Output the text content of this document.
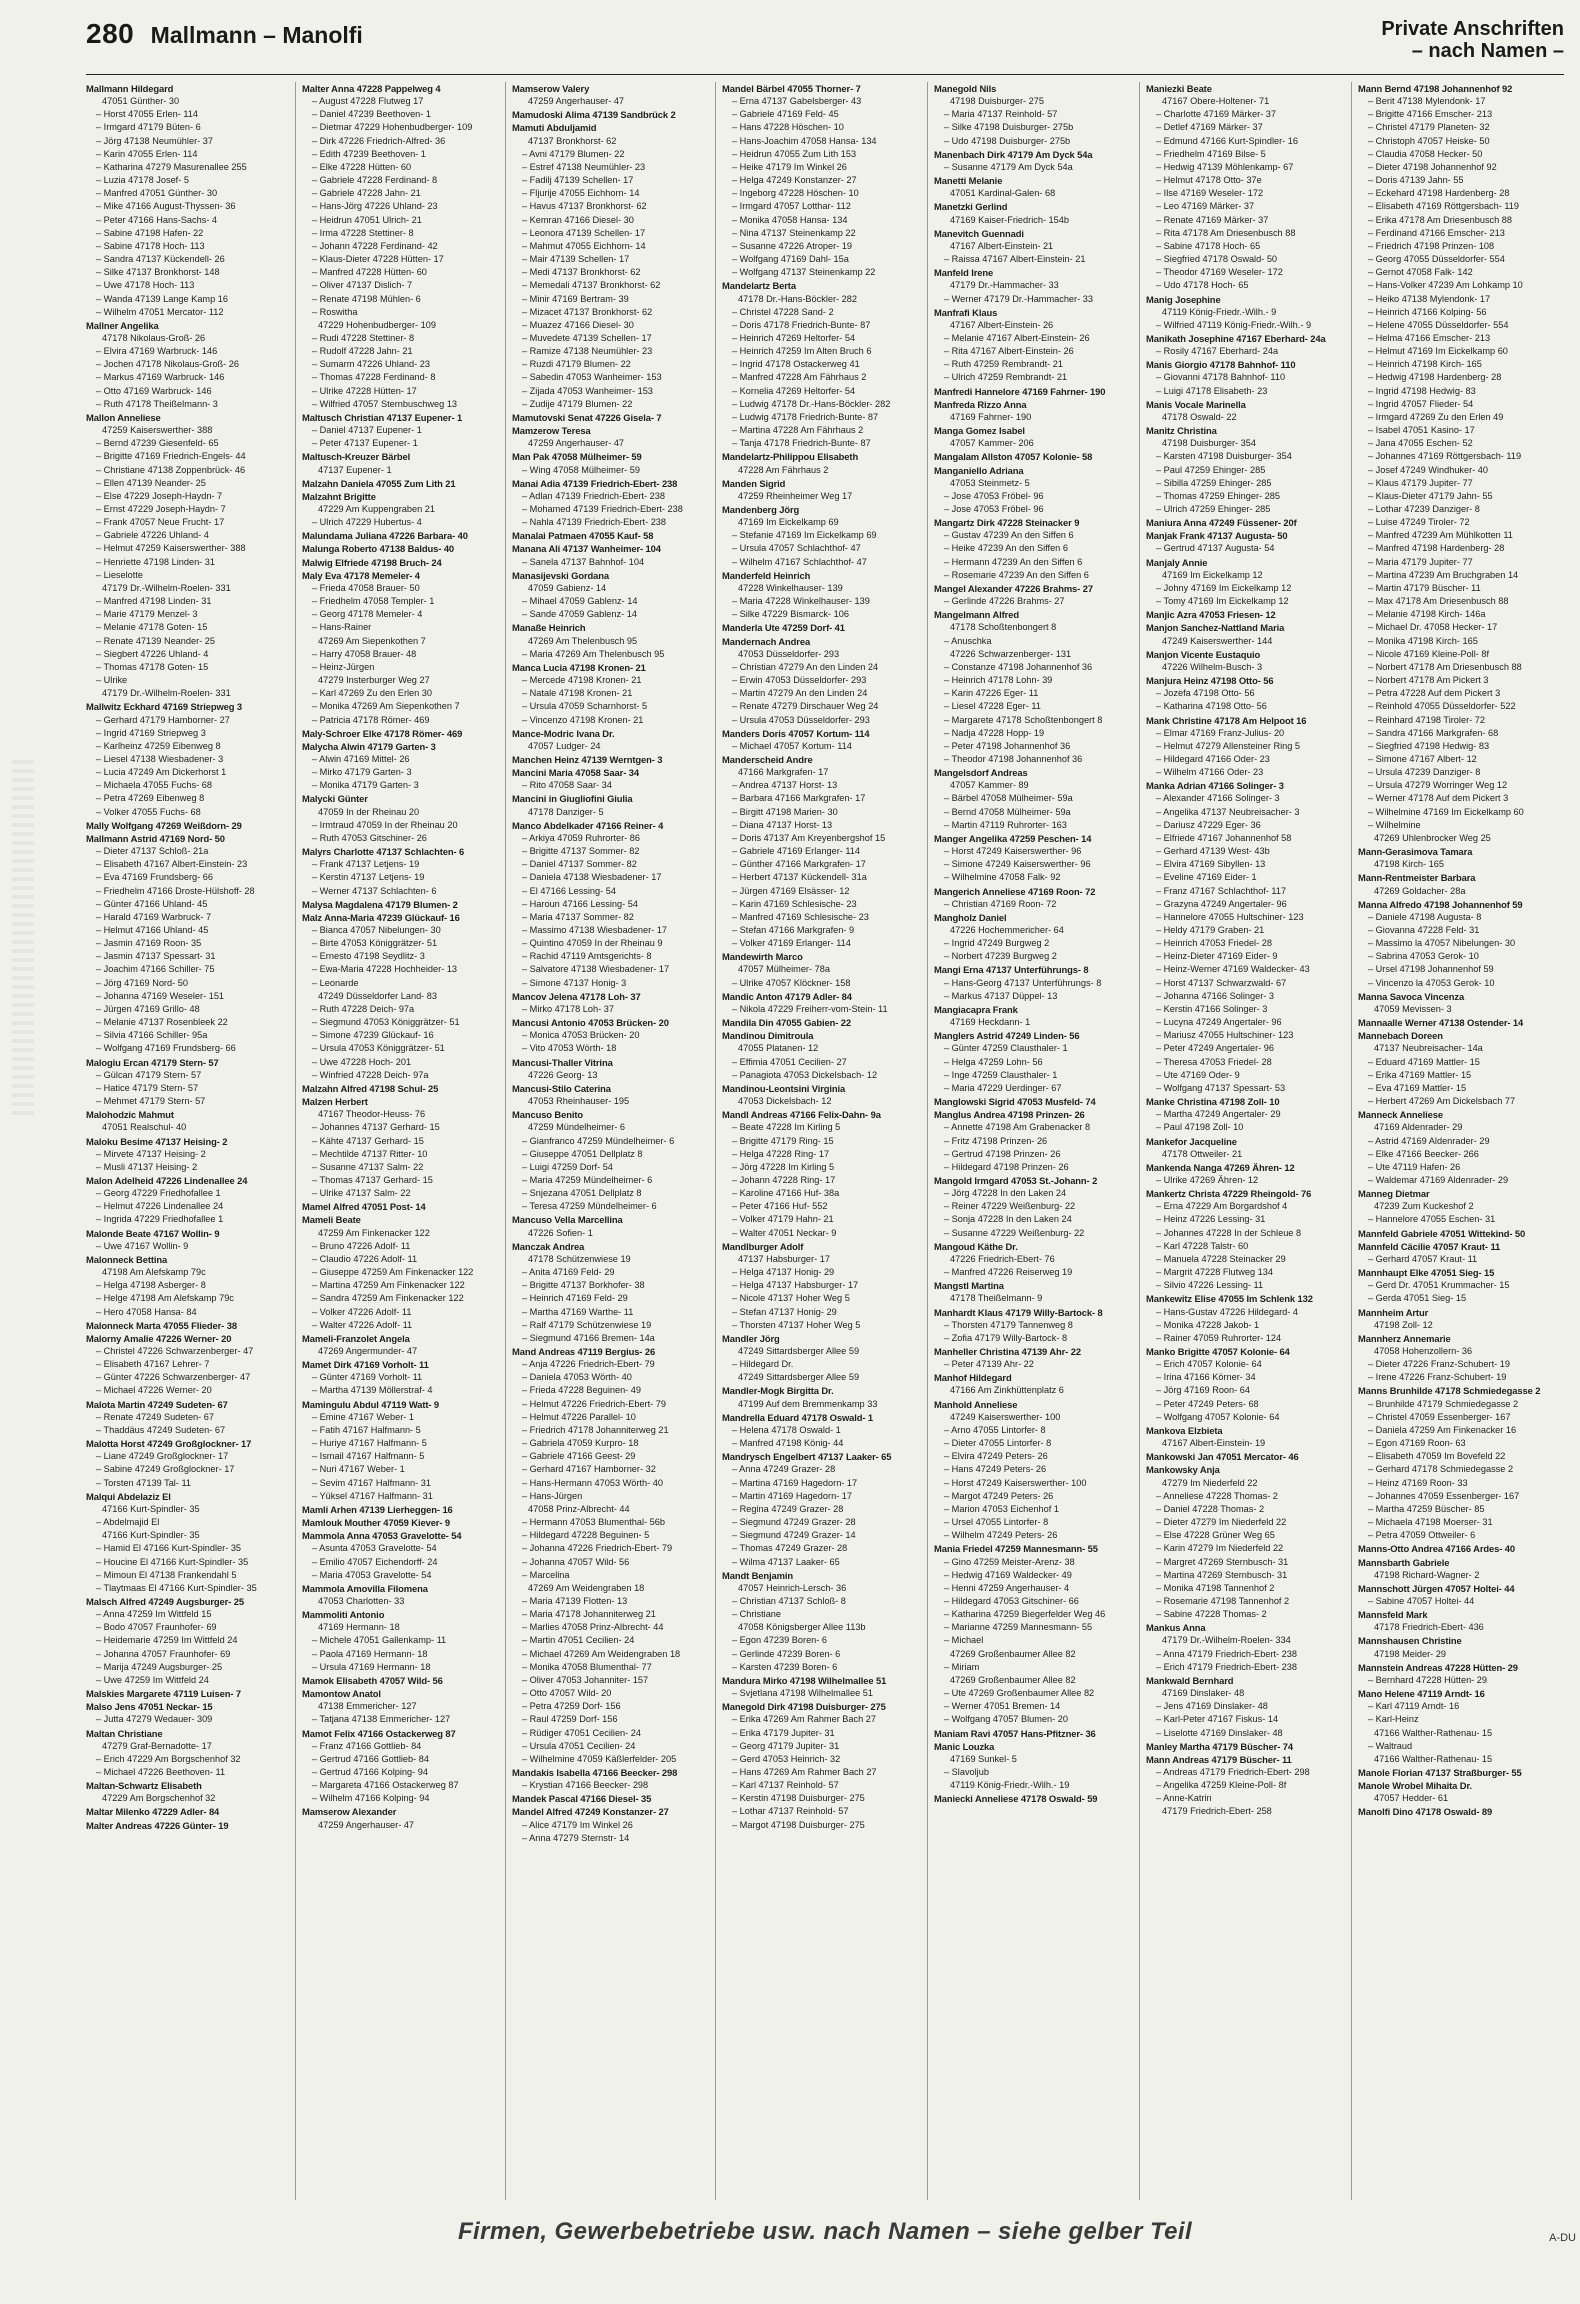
280 Mallmann – Manolfi	Private Anschriften
– nach Namen –
Mallmann Hildegard
47051 Günther- 30
– Horst 47055 Erlen- 114
– Irmgard 47179 Büten- 6
– Jörg 47138 Neumühler- 37
– Karin 47055 Erlen- 114
– Katharina 47279 Masurenallee 255
– Luzia 47178 Josef- 5
– Manfred 47051 Günther- 30
– Mike 47166 August-Thyssen- 36
– Peter 47166 Hans-Sachs- 4
– Sabine 47198 Hafen- 22
– Sabine 47178 Hoch- 113
– Sandra 47137 Kückendell- 26
– Silke 47137 Bronkhorst- 148
– Uwe 47178 Hoch- 113
– Wanda 47139 Lange Kamp 16
– Wilhelm 47051 Mercator- 112
Mallner Angelika
47178 Nikolaus-Groß- 26
– Elvira 47169 Warbruck- 146
– Jochen 47178 Nikolaus-Groß- 26
– Markus 47169 Warbruck- 146
– Otto 47169 Warbruck- 146
– Ruth 47178 Theißelmann- 3
Mallon Anneliese
47259 Kaiserswerther- 388
– Bernd 47239 Giesenfeld- 65
– Brigitte 47169 Friedrich-Engels- 44
– Christiane 47138 Zoppenbrück- 46
– Ellen 47139 Neander- 25
– Else 47229 Joseph-Haydn- 7
– Ernst 47229 Joseph-Haydn- 7
– Frank 47057 Neue Frucht- 17
– Gabriele 47226 Uhland- 4
– Helmut 47259 Kaiserswerther- 388
– Henriette 47198 Linden- 31
– Lieselotte
47179 Dr.-Wilhelm-Roelen- 331
– Manfred 47198 Linden- 31
– Marie 47179 Menzel- 3
– Melanie 47178 Goten- 15
– Renate 47139 Neander- 25
– Siegbert 47226 Uhland- 4
– Thomas 47178 Goten- 15
– Ulrike
47179 Dr.-Wilhelm-Roelen- 331
Mallwitz Eckhard 47169 Striepweg 3
– Gerhard 47179 Hamborner- 27
– Ingrid 47169 Striepweg 3
– Karlheinz 47259 Eibenweg 8
– Liesel 47138 Wiesbadener- 3
– Lucia 47249 Am Dickerhorst 1
– Michaela 47055 Fuchs- 68
– Petra 47269 Eibenweg 8
– Volker 47055 Fuchs- 68
Mally Wolfgang 47269 Weißdorn- 29
Mallmann Astrid 47169 Nord- 50
– Dieter 47137 Schloß- 21a
– Elisabeth 47167 Albert-Einstein- 23
– Eva 47169 Frundsberg- 66
– Friedhelm 47166 Droste-Hülshoff- 28
– Günter 47166 Uhland- 45
– Harald 47169 Warbruck- 7
– Helmut 47166 Uhland- 45
– Jasmin 47169 Roon- 35
– Jasmin 47137 Spessart- 31
– Joachim 47166 Schiller- 75
– Jörg 47169 Nord- 50
– Johanna 47169 Weseler- 151
– Jürgen 47169 Grillo- 48
– Melanie 47137 Rosenbleek 22
– Silvia 47166 Schiller- 95a
– Wolfgang 47169 Frundsberg- 66
Malogiu Ercan 47179 Stern- 57
– Gülcan 47179 Stern- 57
– Hatice 47179 Stern- 57
– Mehmet 47179 Stern- 57
Malohodzic Mahmut
47051 Realschul- 40
Maloku Besime 47137 Heising- 2
– Mirvete 47137 Heising- 2
– Musli 47137 Heising- 2
Malon Adelheid 47226 Lindenallee 24
– Georg 47229 Friedhofallee 1
– Helmut 47226 Lindenallee 24
– Ingrida 47229 Friedhofallee 1
Malonde Beate 47167 Wollin- 9
– Uwe 47167 Wollin- 9
Malonneck Bettina
47198 Am Alefskamp 79c
– Helga 47198 Asberger- 8
– Helge 47198 Am Alefskamp 79c
– Hero 47058 Hansa- 84
Malonneck Marta 47055 Flieder- 38
Malorny Amalie 47226 Werner- 20
– Christel 47226 Schwarzenberger- 47
– Elisabeth 47167 Lehrer- 7
– Günter 47226 Schwarzenberger- 47
– Michael 47226 Werner- 20
Malota Martin 47249 Sudeten- 67
– Renate 47249 Sudeten- 67
– Thaddäus 47249 Sudeten- 67
Malotta Horst 47249 Großglockner- 17
– Liane 47249 Großglockner- 17
– Sabine 47249 Großglockner- 17
– Torsten 47139 Tal- 11
Malqui Abdelaziz El
47166 Kurt-Spindler- 35
– Abdelmajid El
47166 Kurt-Spindler- 35
– Hamid El 47166 Kurt-Spindler- 35
– Houcine El 47166 Kurt-Spindler- 35
– Mimoun El 47138 Frankendahl 5
– Tlaytmaas El 47166 Kurt-Spindler- 35
Malsch Alfred 47249 Augsburger- 25
– Anna 47259 Im Wittfeld 15
– Bodo 47057 Fraunhofer- 69
– Heidemarie 47259 Im Wittfeld 24
– Johanna 47057 Fraunhofer- 69
– Marija 47249 Augsburger- 25
– Uwe 47259 Im Wittfeld 24
Malskies Margarete 47119 Luisen- 7
Malso Jens 47051 Neckar- 15
– Jutta 47279 Wedauer- 309
Maltan Christiane
47279 Graf-Bernadotte- 17
– Erich 47229 Am Borgschenhof 32
– Michael 47226 Beethoven- 11
Maltan-Schwartz Elisabeth
47229 Am Borgschenhof 32
Maltar Milenko 47229 Adler- 84
Malter Andreas 47226 Günter- 19
Malter Anna 47228 Pappelweg 4
– August 47228 Flutweg 17
– Daniel 47239 Beethoven- 1
– Dietmar 47229 Hohenbudberger- 109
– Dirk 47226 Friedrich-Alfred- 36
– Edith 47239 Beethoven- 1
– Elke 47228 Hütten- 60
– Gabriele 47228 Ferdinand- 8
– Gabriele 47228 Jahn- 21
– Hans-Jörg 47226 Uhland- 23
– Heidrun 47051 Ulrich- 21
– Irma 47228 Stettiner- 8
– Johann 47228 Ferdinand- 42
– Klaus-Dieter 47228 Hütten- 17
– Manfred 47228 Hütten- 60
– Oliver 47137 Dislich- 7
– Renate 47198 Mühlen- 6
– Roswitha
47229 Hohenbudberger- 109
– Rudi 47228 Stettiner- 8
– Rudolf 47228 Jahn- 21
– Sumarm 47226 Uhland- 23
– Thomas 47228 Ferdinand- 8
– Ulrike 47228 Hütten- 17
– Wilfried 47057 Sternbuschweg 13
Maltusch Christian 47137 Eupener- 1
– Daniel 47137 Eupener- 1
– Peter 47137 Eupener- 1
Maltusch-Kreuzer Bärbel
47137 Eupener- 1
Malzahn Daniela 47055 Zum Lith 21
Malzahnt Brigitte
47229 Am Kuppengraben 21
– Ulrich 47229 Hubertus- 4
Malundama Juliana 47226 Barbara- 40
Malunga Roberto 47138 Baldus- 40
Malwig Elfriede 47198 Bruch- 24
Maly Eva 47178 Memeler- 4
– Frieda 47058 Brauer- 50
– Friedhelm 47058 Templer- 1
– Georg 47178 Memeler- 4
– Hans-Rainer
47269 Am Siepenkothen 7
– Harry 47058 Brauer- 48
– Heinz-Jürgen
47279 Insterburger Weg 27
– Karl 47269 Zu den Erlen 30
– Monika 47269 Am Siepenkothen 7
– Patricia 47178 Römer- 469
Maly-Schroer Elke 47178 Römer- 469
Malycha Alwin 47179 Garten- 3
– Alwin 47169 Mittel- 26
– Mirko 47179 Garten- 3
– Monika 47179 Garten- 3
Malycki Günter
47059 In der Rheinau 20
– Irmtraud 47059 In der Rheinau 20
– Ruth 47053 Gitschiner- 26
Malyrs Charlotte 47137 Schlachten- 6
– Frank 47137 Letjens- 19
– Kerstin 47137 Letjens- 19
– Werner 47137 Schlachten- 6
Malysa Magdalena 47179 Blumen- 2
Malz Anna-Maria 47239 Glückauf- 16
– Bianca 47057 Nibelungen- 30
– Birte 47053 Königgrätzer- 51
– Ernesto 47198 Seydlitz- 3
– Ewa-Maria 47228 Hochheider- 13
– Leonarde
47249 Düsseldorfer Land- 83
– Ruth 47228 Deich- 97a
– Siegmund 47053 Königgrätzer- 51
– Simone 47239 Glückauf- 16
– Ursula 47053 Königgrätzer- 51
– Uwe 47228 Hoch- 201
– Winfried 47228 Deich- 97a
Malzahn Alfred 47198 Schul- 25
Malzen Herbert
47167 Theodor-Heuss- 76
– Johannes 47137 Gerhard- 15
– Kähte 47137 Gerhard- 15
– Mechtilde 47137 Ritter- 10
– Susanne 47137 Salm- 22
– Thomas 47137 Gerhard- 15
– Ulrike 47137 Salm- 22
Mamel Alfred 47051 Post- 14
Mameli Beate
47259 Am Finkenacker 122
– Bruno 47226 Adolf- 11
– Claudio 47226 Adolf- 11
– Giuseppe 47259 Am Finkenacker 122
– Martina 47259 Am Finkenacker 122
– Sandra 47259 Am Finkenacker 122
– Volker 47226 Adolf- 11
– Walter 47226 Adolf- 11
Mameli-Franzolet Angela
47269 Angermunder- 47
Mamet Dirk 47169 Vorholt- 11
– Günter 47169 Vorholt- 11
– Martha 47139 Möllerstraf- 4
Mamingulu Abdul 47119 Watt- 9
– Emine 47167 Weber- 1
– Fatih 47167 Halfmann- 5
– Huriye 47167 Halfmann- 5
– Ismail 47167 Halfmann- 5
– Nuri 47167 Weber- 1
– Sevim 47167 Halfmann- 31
– Yüksel 47167 Halfmann- 31
Mamli Arhen 47139 Lierheggen- 16
Mamlouk Mouther 47059 Kiever- 9
Mammola Anna 47053 Gravelotte- 54
– Asunta 47053 Gravelotte- 54
– Emilio 47057 Eichendorff- 24
– Maria 47053 Gravelotte- 54
Mammola Amovilla Filomena
47053 Charlotten- 33
Mammoliti Antonio
47169 Hermann- 18
– Michele 47051 Gallenkamp- 11
– Paola 47169 Hermann- 18
– Ursula 47169 Hermann- 18
Mamok Elisabeth 47057 Wild- 56
Mamontow Anatol
47138 Emmericher- 127
– Tatjana 47138 Emmericher- 127
Mamot Felix 47166 Ostackerweg 87
– Franz 47166 Gottlieb- 84
– Gertrud 47166 Gottlieb- 84
– Gertrud 47166 Kolping- 94
– Margareta 47166 Ostackerweg 87
– Wilhelm 47166 Kolping- 94
Mamserow Alexander
47259 Angerhauser- 47
Mamserow Valery
47259 Angerhauser- 47
Mamudoski Alima 47139 Sandbrück 2
Mamuti Abduljamid
47137 Bronkhorst- 62
– Avni 47179 Blumen- 22
– Estref 47138 Neumühler- 23
– Fadilj 47139 Schellen- 17
– Fljurije 47055 Eichhorn- 14
– Havus 47137 Bronkhorst- 62
– Kemran 47166 Diesel- 30
– Leonora 47139 Schellen- 17
– Mahmut 47055 Eichhorn- 14
– Mair 47139 Schellen- 17
– Medi 47137 Bronkhorst- 62
– Memedali 47137 Bronkhorst- 62
– Minir 47169 Bertram- 39
– Mizacet 47137 Bronkhorst- 62
– Muazez 47166 Diesel- 30
– Muvedete 47139 Schellen- 17
– Ramize 47138 Neumühler- 23
– Ruzdi 47179 Blumen- 22
– Sabedin 47053 Wanheimer- 153
– Zijada 47053 Wanheimer- 153
– Zudije 47179 Blumen- 22
Mamutovski Senat 47226 Gisela- 7
Mamzerow Teresa
47259 Angerhauser- 47
Man Pak 47058 Mülheimer- 59
– Wing 47058 Mülheimer- 59
Manai Adia 47139 Friedrich-Ebert- 238
– Adlan 47139 Friedrich-Ebert- 238
– Mohamed 47139 Friedrich-Ebert- 238
– Nahla 47139 Friedrich-Ebert- 238
Manalai Patmaen 47055 Kauf- 58
Manana Ali 47137 Wanheimer- 104
– Sanela 47137 Bahnhof- 104
Manasijevski Gordana
47059 Gabienz- 14
– Mihael 47059 Gablenz- 14
– Sande 47059 Gablenz- 14
Manaße Heinrich
47269 Am Thelenbusch 95
– Maria 47269 Am Thelenbusch 95
Manca Lucia 47198 Kronen- 21
– Mercede 47198 Kronen- 21
– Natale 47198 Kronen- 21
– Ursula 47059 Scharnhorst- 5
– Vincenzo 47198 Kronen- 21
Mance-Modric Ivana Dr.
47057 Ludger- 24
Manchen Heinz 47139 Werntgen- 3
Mancini Maria 47058 Saar- 34
– Rito 47058 Saar- 34
Mancini in Giugliofini Giulia
47178 Danziger- 5
Manco Abdelkader 47166 Reiner- 4
– Arkiya 47059 Ruhrorter- 86
– Brigitte 47137 Sommer- 82
– Daniel 47137 Sommer- 82
– Daniela 47138 Wiesbadener- 17
– El 47166 Lessing- 54
– Haroun 47166 Lessing- 54
– Maria 47137 Sommer- 82
– Massimo 47138 Wiesbadener- 17
– Quintino 47059 In der Rheinau 9
– Rachid 47119 Amtsgerichts- 8
– Salvatore 47138 Wiesbadener- 17
– Simone 47137 Honig- 3
Mancov Jelena 47178 Loh- 37
– Mirko 47178 Loh- 37
Mancusi Antonio 47053 Brücken- 20
– Monica 47053 Brücken- 20
– Vito 47053 Wörth- 18
Mancusi-Thaller Vitrina
47226 Georg- 13
Mancusi-Stilo Caterina
47053 Rheinhauser- 195
Mancuso Benito
47259 Mündelheimer- 6
– Gianfranco 47259 Mündelheimer- 6
– Giuseppe 47051 Dellplatz 8
– Luigi 47259 Dorf- 54
– Maria 47259 Mündelheimer- 6
– Snjezana 47051 Dellplatz 8
– Teresa 47259 Mündelheimer- 6
Mancuso Vella Marcellina
47226 Sofien- 1
Manczak Andrea
47178 Schützenwiese 19
– Anita 47169 Feld- 29
– Brigitte 47137 Borkhofer- 38
– Heinrich 47169 Feld- 29
– Martha 47169 Warthe- 11
– Ralf 47179 Schützenwiese 19
– Siegmund 47166 Bremen- 14a
Mand Andreas 47119 Bergius- 26
– Anja 47226 Friedrich-Ebert- 79
– Daniela 47053 Wörth- 40
– Frieda 47228 Beguinen- 49
– Helmut 47226 Friedrich-Ebert- 79
– Helmut 47226 Parallel- 10
– Friedrich 47178 Johanniterweg 21
– Gabriela 47059 Kurpro- 18
– Gabriele 47166 Geest- 29
– Gerhard 47167 Hamborner- 32
– Hans-Hermann 47053 Wörth- 40
– Hans-Jürgen
47058 Prinz-Albrecht- 44
– Hermann 47053 Blumenthal- 56b
– Hildegard 47228 Beguinen- 5
– Johanna 47226 Friedrich-Ebert- 79
– Johanna 47057 Wild- 56
– Marcelina
47269 Am Weidengraben 18
– Maria 47139 Flotten- 13
– Maria 47178 Johanniterweg 21
– Marlies 47058 Prinz-Albrecht- 44
– Martin 47051 Cecilien- 24
– Michael 47269 Am Weidengraben 18
– Monika 47058 Blumenthal- 77
– Oliver 47053 Johanniter- 157
– Otto 47057 Wild- 20
– Petra 47259 Dorf- 156
– Raul 47259 Dorf- 156
– Rüdiger 47051 Cecilien- 24
– Ursula 47051 Cecilien- 24
– Wilhelmine 47059 Käßlerfelder- 205
Mandakis Isabella 47166 Beecker- 298
– Krystian 47166 Beecker- 298
Mandek Pascal 47166 Diesel- 35
Mandel Alfred 47249 Konstanzer- 27
– Alice 47179 Im Winkel 26
– Anna 47279 Sternstr- 14
Mandel Bärbel 47055 Thorner- 7
– Erna 47137 Gabelsberger- 43
– Gabriele 47169 Feld- 45
– Hans 47228 Höschen- 10
– Hans-Joachim 47058 Hansa- 134
– Heidrun 47055 Zum Lith 153
– Heike 47179 Im Winkel 26
– Helga 47249 Konstanzer- 27
– Ingeborg 47228 Höschen- 10
– Irmgard 47057 Lotthar- 112
– Monika 47058 Hansa- 134
– Nina 47137 Steinenkamp 22
– Susanne 47226 Atroper- 19
– Wolfgang 47169 Dahl- 15a
– Wolfgang 47137 Steinenkamp 22
Mandelartz Berta
47178 Dr.-Hans-Böckler- 282
– Christel 47228 Sand- 2
– Doris 47178 Friedrich-Bunte- 87
– Heinrich 47269 Heltorfer- 54
– Heinrich 47259 Im Alten Bruch 6
– Ingrid 47178 Ostackerweg 41
– Manfred 47228 Am Fährhaus 2
– Kornelia 47269 Heltorfer- 54
– Ludwig 47178 Dr.-Hans-Böckler- 282
– Ludwig 47178 Friedrich-Bunte- 87
– Martina 47228 Am Fährhaus 2
– Tanja 47178 Friedrich-Bunte- 87
Mandelartz-Philippou Elisabeth
47228 Am Fährhaus 2
Manden Sigrid
47259 Rheinheimer Weg 17
Mandenberg Jörg
47169 Im Eickelkamp 69
– Stefanie 47169 Im Eickelkamp 69
– Ursula 47057 Schlachthof- 47
– Wilhelm 47167 Schlachthof- 47
Manderfeld Heinrich
47228 Winkelhauser- 139
– Maria 47228 Winkelhauser- 139
– Silke 47229 Bismarck- 106
Manderla Ute 47259 Dorf- 41
Mandernach Andrea
47053 Düsseldorfer- 293
– Christian 47279 An den Linden 24
– Erwin 47053 Düsseldorfer- 293
– Martin 47279 An den Linden 24
– Renate 47279 Dirschauer Weg 24
– Ursula 47053 Düsseldorfer- 293
Manders Doris 47057 Kortum- 114
– Michael 47057 Kortum- 114
Manderscheid Andre
47166 Markgrafen- 17
– Andrea 47137 Horst- 13
– Barbara 47166 Markgrafen- 17
– Birgitt 47198 Marien- 30
– Diana 47137 Horst- 13
– Doris 47137 Am Kreyenbergshof 15
– Gabriele 47169 Erlanger- 114
– Günther 47166 Markgrafen- 17
– Herbert 47137 Kückendell- 31a
– Jürgen 47169 Elsässer- 12
– Karin 47169 Schlesische- 23
– Manfred 47169 Schlesische- 23
– Stefan 47166 Markgrafen- 9
– Volker 47169 Erlanger- 114
Mandewirth Marco
47057 Mülheimer- 78a
– Ulrike 47057 Klöckner- 158
Mandic Anton 47179 Adler- 84
– Nikola 47229 Freiherr-vom-Stein- 11
Mandila Din 47055 Gabien- 22
Mandinou Dimitroula
47055 Platanen- 12
– Effimia 47051 Cecilien- 27
– Panagiota 47053 Dickelsbach- 12
Mandinou-Leontsini Virginia
47053 Dickelsbach- 12
Mandl Andreas 47166 Felix-Dahn- 9a
– Beate 47228 Im Kirling 5
– Brigitte 47179 Ring- 15
– Helga 47228 Ring- 17
– Jörg 47228 Im Kirling 5
– Johann 47228 Ring- 17
– Karoline 47166 Huf- 38a
– Peter 47166 Huf- 552
– Volker 47179 Hahn- 21
– Walter 47051 Neckar- 9
Mandlburger Adolf
47137 Habsburger- 17
– Helga 47137 Honig- 29
– Helga 47137 Habsburger- 17
– Nicole 47137 Hoher Weg 5
– Stefan 47137 Honig- 29
– Thorsten 47137 Hoher Weg 5
Mandler Jörg
47249 Sittardsberger Allee 59
– Hildegard Dr.
47249 Sittardsberger Allee 59
Mandler-Mogk Birgitta Dr.
47199 Auf dem Bremmenkamp 33
Mandrella Eduard 47178 Oswald- 1
– Helena 47178 Oswald- 1
– Manfred 47198 König- 44
Mandrysch Engelbert 47137 Laaker- 65
– Anna 47249 Grazer- 28
– Martina 47169 Hagedorn- 17
– Martin 47169 Hagedorn- 17
– Regina 47249 Grazer- 28
– Siegmund 47249 Grazer- 28
– Siegmund 47249 Grazer- 14
– Thomas 47249 Grazer- 28
– Wilma 47137 Laaker- 65
Mandt Benjamin
47057 Heinrich-Lersch- 36
– Christian 47137 Schloß- 8
– Christiane
47058 Königsberger Allee 113b
– Egon 47239 Boren- 6
– Gerlinde 47239 Boren- 6
– Karsten 47239 Boren- 6
Mandura Mirko 47198 Wilhelmallee 51
– Svjetlana 47198 Wilhelmallee 51
Manegold Dirk 47198 Duisburger- 275
– Erika 47269 Am Rahmer Bach 27
– Erika 47179 Jupiter- 31
– Georg 47179 Jupiter- 31
– Gerd 47053 Heinrich- 32
– Hans 47269 Am Rahmer Bach 27
– Karl 47137 Reinhold- 57
– Kerstin 47198 Duisburger- 275
– Lothar 47137 Reinhold- 57
– Margot 47198 Duisburger- 275
Manegold Nils
47198 Duisburger- 275
– Maria 47137 Reinhold- 57
– Silke 47198 Duisburger- 275b
– Udo 47198 Duisburger- 275b
Manenbach Dirk 47179 Am Dyck 54a
– Susanne 47179 Am Dyck 54a
Manetti Melanie
47051 Kardinal-Galen- 68
Manetzki Gerlind
47169 Kaiser-Friedrich- 154b
Manevitch Guennadi
47167 Albert-Einstein- 21
– Raissa 47167 Albert-Einstein- 21
Manfeld Irene
47179 Dr.-Hammacher- 33
– Werner 47179 Dr.-Hammacher- 33
Manfrafi Klaus
47167 Albert-Einstein- 26
– Melanie 47167 Albert-Einstein- 26
– Rita 47167 Albert-Einstein- 26
– Ruth 47259 Rembrandt- 21
– Ulrich 47259 Rembrandt- 21
Manfredi Hannelore 47169 Fahrner- 190
Manfreda Rizzo Anna
47169 Fahrner- 190
Manga Gomez Isabel
47057 Kammer- 206
Mangalam Allston 47057 Kolonie- 58
Manganiello Adriana
47053 Steinmetz- 5
– Jose 47053 Fröbel- 96
– Jose 47053 Fröbel- 96
Mangartz Dirk 47228 Steinacker 9
– Gustav 47239 An den Siffen 6
– Heike 47239 An den Siffen 6
– Hermann 47239 An den Siffen 6
– Rosemarie 47239 An den Siffen 6
Mangel Alexander 47226 Brahms- 27
– Gerlinde 47226 Brahms- 27
Mangelmann Alfred
47178 Schoßtenbongert 8
– Anuschka
47226 Schwarzenberger- 131
– Constanze 47198 Johannenhof 36
– Heinrich 47178 Lohn- 39
– Karin 47226 Eger- 11
– Liesel 47228 Eger- 11
– Margarete 47178 Schoßtenbongert 8
– Nadja 47228 Hopp- 19
– Peter 47198 Johannenhof 36
– Theodor 47198 Johannenhof 36
Mangelsdorf Andreas
47057 Kammer- 89
– Bärbel 47058 Mülheimer- 59a
– Bernd 47058 Mülheimer- 59a
– Martin 47119 Ruhrorter- 163
Manger Angelika 47259 Peschen- 14
– Horst 47249 Kaiserswerther- 96
– Simone 47249 Kaiserswerther- 96
– Wilhelmine 47058 Falk- 92
Mangerich Anneliese 47169 Roon- 72
– Christian 47169 Roon- 72
Mangholz Daniel
47226 Hochemmericher- 64
– Ingrid 47249 Burgweg 2
– Norbert 47239 Burgweg 2
Mangi Erna 47137 Unterführungs- 8
– Hans-Georg 47137 Unterführungs- 8
– Markus 47137 Düppel- 13
Mangiacapra Frank
47169 Heckdann- 1
Manglers Astrid 47249 Linden- 56
– Günter 47259 Clausthaler- 1
– Helga 47259 Lohn- 56
– Inge 47259 Clausthaler- 1
– Maria 47229 Uerdinger- 67
Manglowski Sigrid 47053 Musfeld- 74
Manglus Andrea 47198 Prinzen- 26
– Annette 47198 Am Grabenacker 8
– Fritz 47198 Prinzen- 26
– Gertrud 47198 Prinzen- 26
– Hildegard 47198 Prinzen- 26
Mangold Irmgard 47053 St.-Johann- 2
– Jörg 47228 In den Laken 24
– Reiner 47229 Weißenburg- 22
– Sonja 47228 In den Laken 24
– Susanne 47229 Weißenburg- 22
Mangoud Käthe Dr.
47226 Friedrich-Ebert- 76
– Manfred 47226 Reiserweg 19
Mangstl Martina
47178 Theißelmann- 9
Manhardt Klaus 47179 Willy-Bartock- 8
– Thorsten 47179 Tannenweg 8
– Zofia 47179 Willy-Bartock- 8
Manheller Christina 47139 Ahr- 22
– Peter 47139 Ahr- 22
Manhof Hildegard
47166 Am Zinkhüttenplatz 6
Manhold Anneliese
47249 Kaiserswerther- 100
– Arno 47055 Lintorfer- 8
– Dieter 47055 Lintorfer- 8
– Elvira 47249 Peters- 26
– Hans 47249 Peters- 26
– Horst 47249 Kaiserswerther- 100
– Margot 47249 Peters- 26
– Marion 47053 Eichenhof 1
– Ursel 47055 Lintorfer- 8
– Wilhelm 47249 Peters- 26
Mania Friedel 47259 Mannesmann- 55
– Gino 47259 Meister-Arenz- 38
– Hedwig 47169 Waldecker- 49
– Henni 47259 Angerhauser- 4
– Hildegard 47053 Gitschiner- 66
– Katharina 47259 Biegerfelder Weg 46
– Marianne 47259 Mannesmann- 55
– Michael
47269 Großenbaumer Allee 82
– Miriam
47269 Großenbaumer Allee 82
– Ute 47269 Großenbaumer Allee 82
– Werner 47051 Bremen- 14
– Wolfgang 47057 Blumen- 20
Maniam Ravi 47057 Hans-Pfitzner- 36
Manic Louzka
47169 Sunkel- 5
– Slavoljub
47119 König-Friedr.-Wilh.- 19
Maniecki Anneliese 47178 Oswald- 59
Maniezki Beate
47167 Obere-Holtener- 71
– Charlotte 47169 Märker- 37
– Detlef 47169 Märker- 37
– Edmund 47166 Kurt-Spindler- 16
– Friedhelm 47169 Bilse- 5
– Hedwig 47139 Möhlenkamp- 67
– Helmut 47178 Otto- 37e
– Ilse 47169 Weseler- 172
– Leo 47169 Märker- 37
– Renate 47169 Märker- 37
– Rita 47178 Am Driesenbusch 88
– Sabine 47178 Hoch- 65
– Siegfried 47178 Oswald- 50
– Theodor 47169 Weseler- 172
– Udo 47178 Hoch- 65
Manig Josephine
47119 König-Friedr.-Wilh.- 9
– Wilfried 47119 König-Friedr.-Wilh.- 9
Manikath Josephine 47167 Eberhard- 24a
– Rosily 47167 Eberhard- 24a
Manis Giorgio 47178 Bahnhof- 110
– Giovanni 47178 Bahnhof- 110
– Luigi 47178 Elisabeth- 23
Manis Vocale Marinella
47178 Oswald- 22
Manitz Christina
47198 Duisburger- 354
– Karsten 47198 Duisburger- 354
– Paul 47259 Ehinger- 285
– Sibilla 47259 Ehinger- 285
– Thomas 47259 Ehinger- 285
– Ulrich 47259 Ehinger- 285
Maniura Anna 47249 Füssener- 20f
Manjak Frank 47137 Augusta- 50
– Gertrud 47137 Augusta- 54
Manjaly Annie
47169 Im Eickelkamp 12
– Johny 47169 Im Eickelkamp 12
– Tomy 47169 Im Eickelkamp 12
Manjic Azra 47053 Friesen- 12
Manjon Sanchez-Nattland Maria
47249 Kaiserswerther- 144
Manjon Vicente Eustaquio
47226 Wilhelm-Busch- 3
Manjura Heinz 47198 Otto- 56
– Jozefa 47198 Otto- 56
– Katharina 47198 Otto- 56
Mank Christine 47178 Am Helpoot 16
– Elmar 47169 Franz-Julius- 20
– Helmut 47279 Allensteiner Ring 5
– Hildegard 47166 Oder- 23
– Wilhelm 47166 Oder- 23
Manka Adrian 47166 Solinger- 3
– Alexander 47166 Solinger- 3
– Angelika 47137 Neubreisacher- 3
– Dariusz 47229 Eger- 36
– Elfriede 47167 Johannenhof 58
– Gerhard 47139 West- 43b
– Elvira 47169 Sibyllen- 13
– Eveline 47169 Eider- 1
– Franz 47167 Schlachthof- 117
– Grazyna 47249 Angertaler- 96
– Hannelore 47055 Hultschiner- 123
– Heldy 47179 Graben- 21
– Heinrich 47053 Friedel- 28
– Heinz-Dieter 47169 Eider- 9
– Heinz-Werner 47169 Waldecker- 43
– Horst 47137 Schwarzwald- 67
– Johanna 47166 Solinger- 3
– Kerstin 47166 Solinger- 3
– Lucyna 47249 Angertaler- 96
– Mariusz 47055 Hultschiner- 123
– Peter 47249 Angertaler- 96
– Theresa 47053 Friedel- 28
– Ute 47169 Oder- 9
– Wolfgang 47137 Spessart- 53
Manke Christina 47198 Zoll- 10
– Martha 47249 Angertaler- 29
– Paul 47198 Zoll- 10
Mankefor Jacqueline
47178 Ottweiler- 21
Mankenda Nanga 47269 Ähren- 12
– Ulrike 47269 Ähren- 12
Mankertz Christa 47229 Rheingold- 76
– Erna 47229 Am Borgardshof 4
– Heinz 47226 Lessing- 31
– Johannes 47228 In der Schleue 8
– Karl 47228 Talstr- 60
– Manuela 47228 Steinacker 29
– Margrit 47228 Flutweg 134
– Silvio 47226 Lessing- 11
Mankewitz Elise 47055 Im Schlenk 132
– Hans-Gustav 47226 Hildegard- 4
– Monika 47228 Jakob- 1
– Rainer 47059 Ruhrorter- 124
Manko Brigitte 47057 Kolonie- 64
– Erich 47057 Kolonie- 64
– Irina 47166 Körner- 34
– Jörg 47169 Roon- 64
– Peter 47249 Peters- 68
– Wolfgang 47057 Kolonie- 64
Mankova Elzbieta
47167 Albert-Einstein- 19
Mankowski Jan 47051 Mercator- 46
Mankowsky Anja
47279 Im Niederfeld 22
– Anneliese 47228 Thomas- 2
– Daniel 47228 Thomas- 2
– Dieter 47279 Im Niederfeld 22
– Else 47228 Grüner Weg 65
– Karin 47279 Im Niederfeld 22
– Margret 47269 Sternbusch- 31
– Martina 47269 Sternbusch- 31
– Monika 47198 Tannenhof 2
– Rosemarie 47198 Tannenhof 2
– Sabine 47228 Thomas- 2
Mankus Anna
47179 Dr.-Wilhelm-Roelen- 334
– Anna 47179 Friedrich-Ebert- 238
– Erich 47179 Friedrich-Ebert- 238
Mankwald Bernhard
47169 Dinslaker- 48
– Jens 47169 Dinslaker- 48
– Karl-Peter 47167 Fiskus- 14
– Liselotte 47169 Dinslaker- 48
Manley Martha 47179 Büscher- 74
Mann Andreas 47179 Büscher- 11
– Andreas 47179 Friedrich-Ebert- 298
– Angelika 47259 Kleine-Poll- 8f
– Anne-Katrin
47179 Friedrich-Ebert- 258
Mann Bernd 47198 Johannenhof 92
– Berit 47138 Mylendonk- 17
– Brigitte 47166 Emscher- 213
– Christel 47179 Planeten- 32
– Christoph 47057 Heiske- 50
– Claudia 47058 Hecker- 50
– Dieter 47198 Johannenhof 92
– Doris 47139 Jahn- 55
– Eckehard 47198 Hardenberg- 28
– Elisabeth 47169 Röttgersbach- 119
– Erika 47178 Am Driesenbusch 88
– Ferdinand 47166 Emscher- 213
– Friedrich 47198 Prinzen- 108
– Georg 47055 Düsseldorfer- 554
– Gernot 47058 Falk- 142
– Hans-Volker 47239 Am Lohkamp 10
– Heiko 47138 Mylendonk- 17
– Heinrich 47166 Kolping- 56
– Helene 47055 Düsseldorfer- 554
– Helma 47166 Emscher- 213
– Helmut 47169 Im Eickelkamp 60
– Heinrich 47198 Kirch- 165
– Hedwig 47198 Hardenberg- 28
– Ingrid 47198 Hedwig- 83
– Ingrid 47057 Flieder- 54
– Irmgard 47269 Zu den Erlen 49
– Isabel 47051 Kasino- 17
– Jana 47055 Eschen- 52
– Johannes 47169 Röttgersbach- 119
– Josef 47249 Windhuker- 40
– Klaus 47179 Jupiter- 77
– Klaus-Dieter 47179 Jahn- 55
– Lothar 47239 Danziger- 8
– Luise 47249 Tiroler- 72
– Manfred 47239 Am Mühlkotten 11
– Manfred 47198 Hardenberg- 28
– Maria 47179 Jupiter- 77
– Martina 47239 Am Bruchgraben 14
– Martin 47179 Büscher- 11
– Max 47178 Am Driesenbusch 88
– Melanie 47198 Kirch- 146a
– Michael Dr. 47058 Hecker- 17
– Monika 47198 Kirch- 165
– Nicole 47169 Kleine-Poll- 8f
– Norbert 47178 Am Driesenbusch 88
– Norbert 47178 Am Pickert 3
– Petra 47228 Auf dem Pickert 3
– Reinhold 47055 Düsseldorfer- 522
– Reinhard 47198 Tiroler- 72
– Sandra 47166 Markgrafen- 68
– Siegfried 47198 Hedwig- 83
– Simone 47167 Albert- 12
– Ursula 47239 Danziger- 8
– Ursula 47279 Worringer Weg 12
– Werner 47178 Auf dem Pickert 3
– Wilhelmine 47169 Im Eickelkamp 60
– Wilhelmine
47269 Uhlenbrocker Weg 25
Mann-Gerasimova Tamara
47198 Kirch- 165
Mann-Rentmeister Barbara
47269 Goldacher- 28a
Manna Alfredo 47198 Johannenhof 59
– Daniele 47198 Augusta- 8
– Giovanna 47228 Feld- 31
– Massimo la 47057 Nibelungen- 30
– Sabrina 47053 Gerok- 10
– Ursel 47198 Johannenhof 59
– Vincenzo la 47053 Gerok- 10
Manna Savoca Vincenza
47059 Mevissen- 3
Mannaalle Werner 47138 Ostender- 14
Mannebach Doreen
47137 Neubreisacher- 14a
– Eduard 47169 Mattler- 15
– Erika 47169 Mattler- 15
– Eva 47169 Mattler- 15
– Herbert 47269 Am Dickelsbach 77
Manneck Anneliese
47169 Aldenrader- 29
– Astrid 47169 Aldenrader- 29
– Elke 47166 Beecker- 266
– Ute 47119 Hafen- 26
– Waldemar 47169 Aldenrader- 29
Manneg Dietmar
47239 Zum Kuckeshof 2
– Hannelore 47055 Eschen- 31
Mannfeld Gabriele 47051 Wittekind- 50
Mannfeld Cäcilie 47057 Kraut- 11
– Gerhard 47057 Kraut- 11
Mannhaupt Elke 47051 Sieg- 15
– Gerd Dr. 47051 Krummacher- 15
– Gerda 47051 Sieg- 15
Mannheim Artur
47198 Zoll- 12
Mannherz Annemarie
47058 Hohenzollern- 36
– Dieter 47226 Franz-Schubert- 19
– Irene 47226 Franz-Schubert- 19
Manns Brunhilde 47178 Schmiedegasse 2
– Brunhilde 47179 Schmiedegasse 2
– Christel 47059 Essenberger- 167
– Daniela 47259 Am Finkenacker 16
– Egon 47169 Roon- 63
– Elisabeth 47059 Im Bovefeld 22
– Gerhard 47178 Schmiedegasse 2
– Heinz 47169 Roon- 33
– Johannes 47059 Essenberger- 167
– Martha 47259 Büscher- 85
– Michaela 47198 Moerser- 31
– Petra 47059 Ottweiler- 6
Manns-Otto Andrea 47166 Ardes- 40
Mannsbarth Gabriele
47198 Richard-Wagner- 2
Mannschott Jürgen 47057 Holtei- 44
– Sabine 47057 Holtei- 44
Mannsfeld Mark
47178 Friedrich-Ebert- 436
Mannshausen Christine
47198 Meider- 29
Mannstein Andreas 47228 Hütten- 29
– Bernhard 47228 Hütten- 29
Mano Helene 47119 Arndt- 16
– Karl 47119 Arndt- 16
– Karl-Heinz
47166 Walther-Rathenau- 15
– Waltraud
47166 Walther-Rathenau- 15
Manole Florian 47137 Straßburger- 55
Manole Wrobel Mihaita Dr.
47057 Hedder- 61
Manolfi Dino 47178 Oswald- 89
Firmen, Gewerbebetriebe usw. nach Namen – siehe gelber Teil	A-DU
